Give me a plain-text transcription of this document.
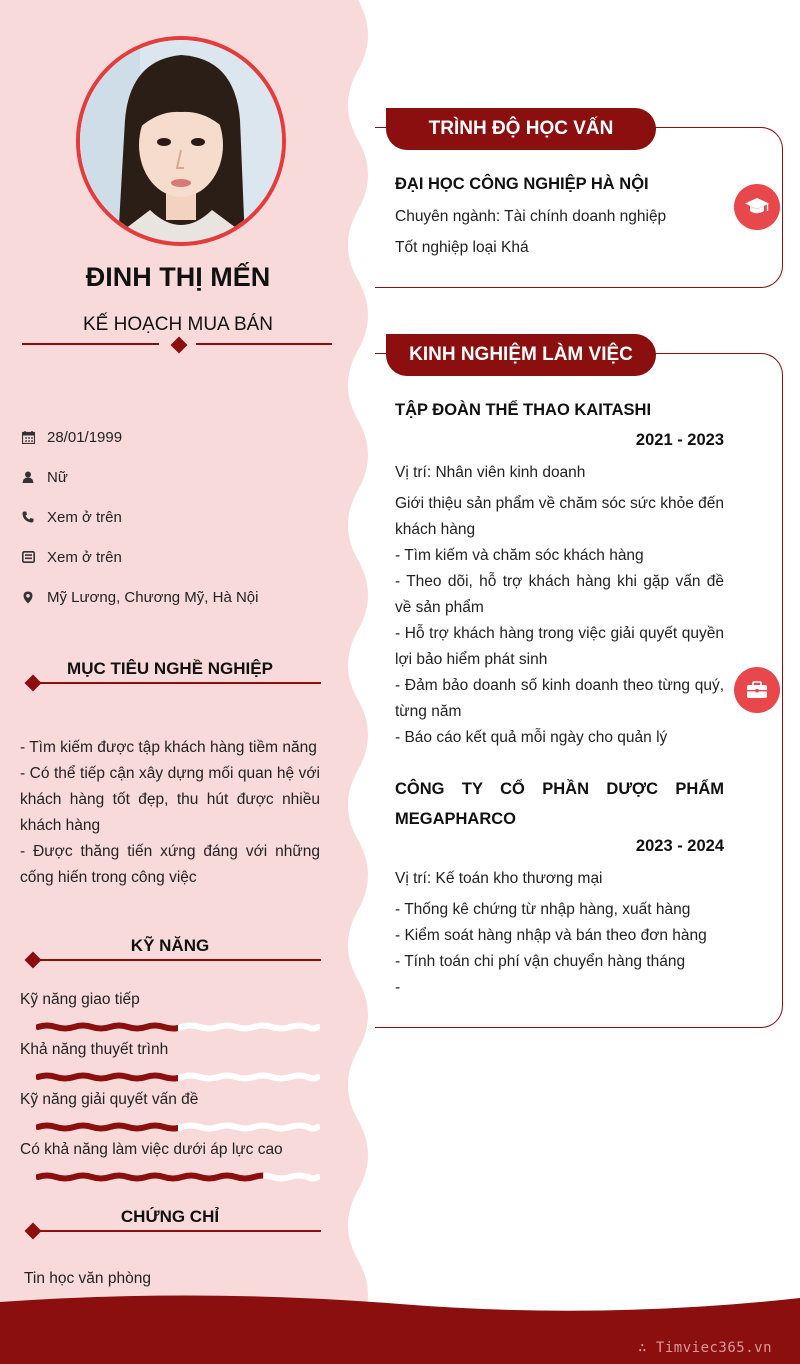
ĐINH THỊ MẾN
KẾ HOẠCH MUA BÁN
28/01/1999
Nữ
Xem ở trên
Xem ở trên
Mỹ Lương, Chương Mỹ, Hà Nội
MỤC TIÊU NGHỀ NGHIỆP

- Tìm kiếm được tập khách hàng tiềm năng

- Có thể tiếp cận xây dựng mối quan hệ với khách hàng tốt đẹp, thu hút được nhiều khách hàng

- Được thăng tiến xứng đáng với những cống hiến trong công việc

KỸ NĂNG
Kỹ năng giao tiếp
Khả năng thuyết trình
Kỹ năng giải quyết vấn đề
Có khả năng làm việc dưới áp lực cao
CHỨNG CHỈ
Tin học văn phòng
TRÌNH ĐỘ HỌC VẤN
ĐẠI HỌC CÔNG NGHIỆP HÀ NỘI
Chuyên ngành: Tài chính doanh nghiệp
Tốt nghiệp loại Khá
KINH NGHIỆM LÀM VIỆC
TẬP ĐOÀN THỂ THAO KAITASHI
2021 - 2023
Vị trí: Nhân viên kinh doanh

Giới thiệu sản phẩm về chăm sóc sức khỏe đến khách hàng

- Tìm kiếm và chăm sóc khách hàng

- Theo dõi, hỗ trợ khách hàng khi gặp vấn đề về sản phẩm

- Hỗ trợ khách hàng trong việc giải quyết quyền lợi bảo hiểm phát sinh

- Đảm bảo doanh số kinh doanh theo từng quý, từng năm

- Báo cáo kết quả mỗi ngày cho quản lý

CÔNG TY CỔ PHẦN DƯỢC PHẨM MEGAPHARCO
2023 - 2024
Vị trí: Kế toán kho thương mại

- Thống kê chứng từ nhập hàng, xuất hàng

- Kiểm soát hàng nhập và bán theo đơn hàng

- Tính toán chi phí vận chuyển hàng tháng

-

∴ Timviec365.vn
